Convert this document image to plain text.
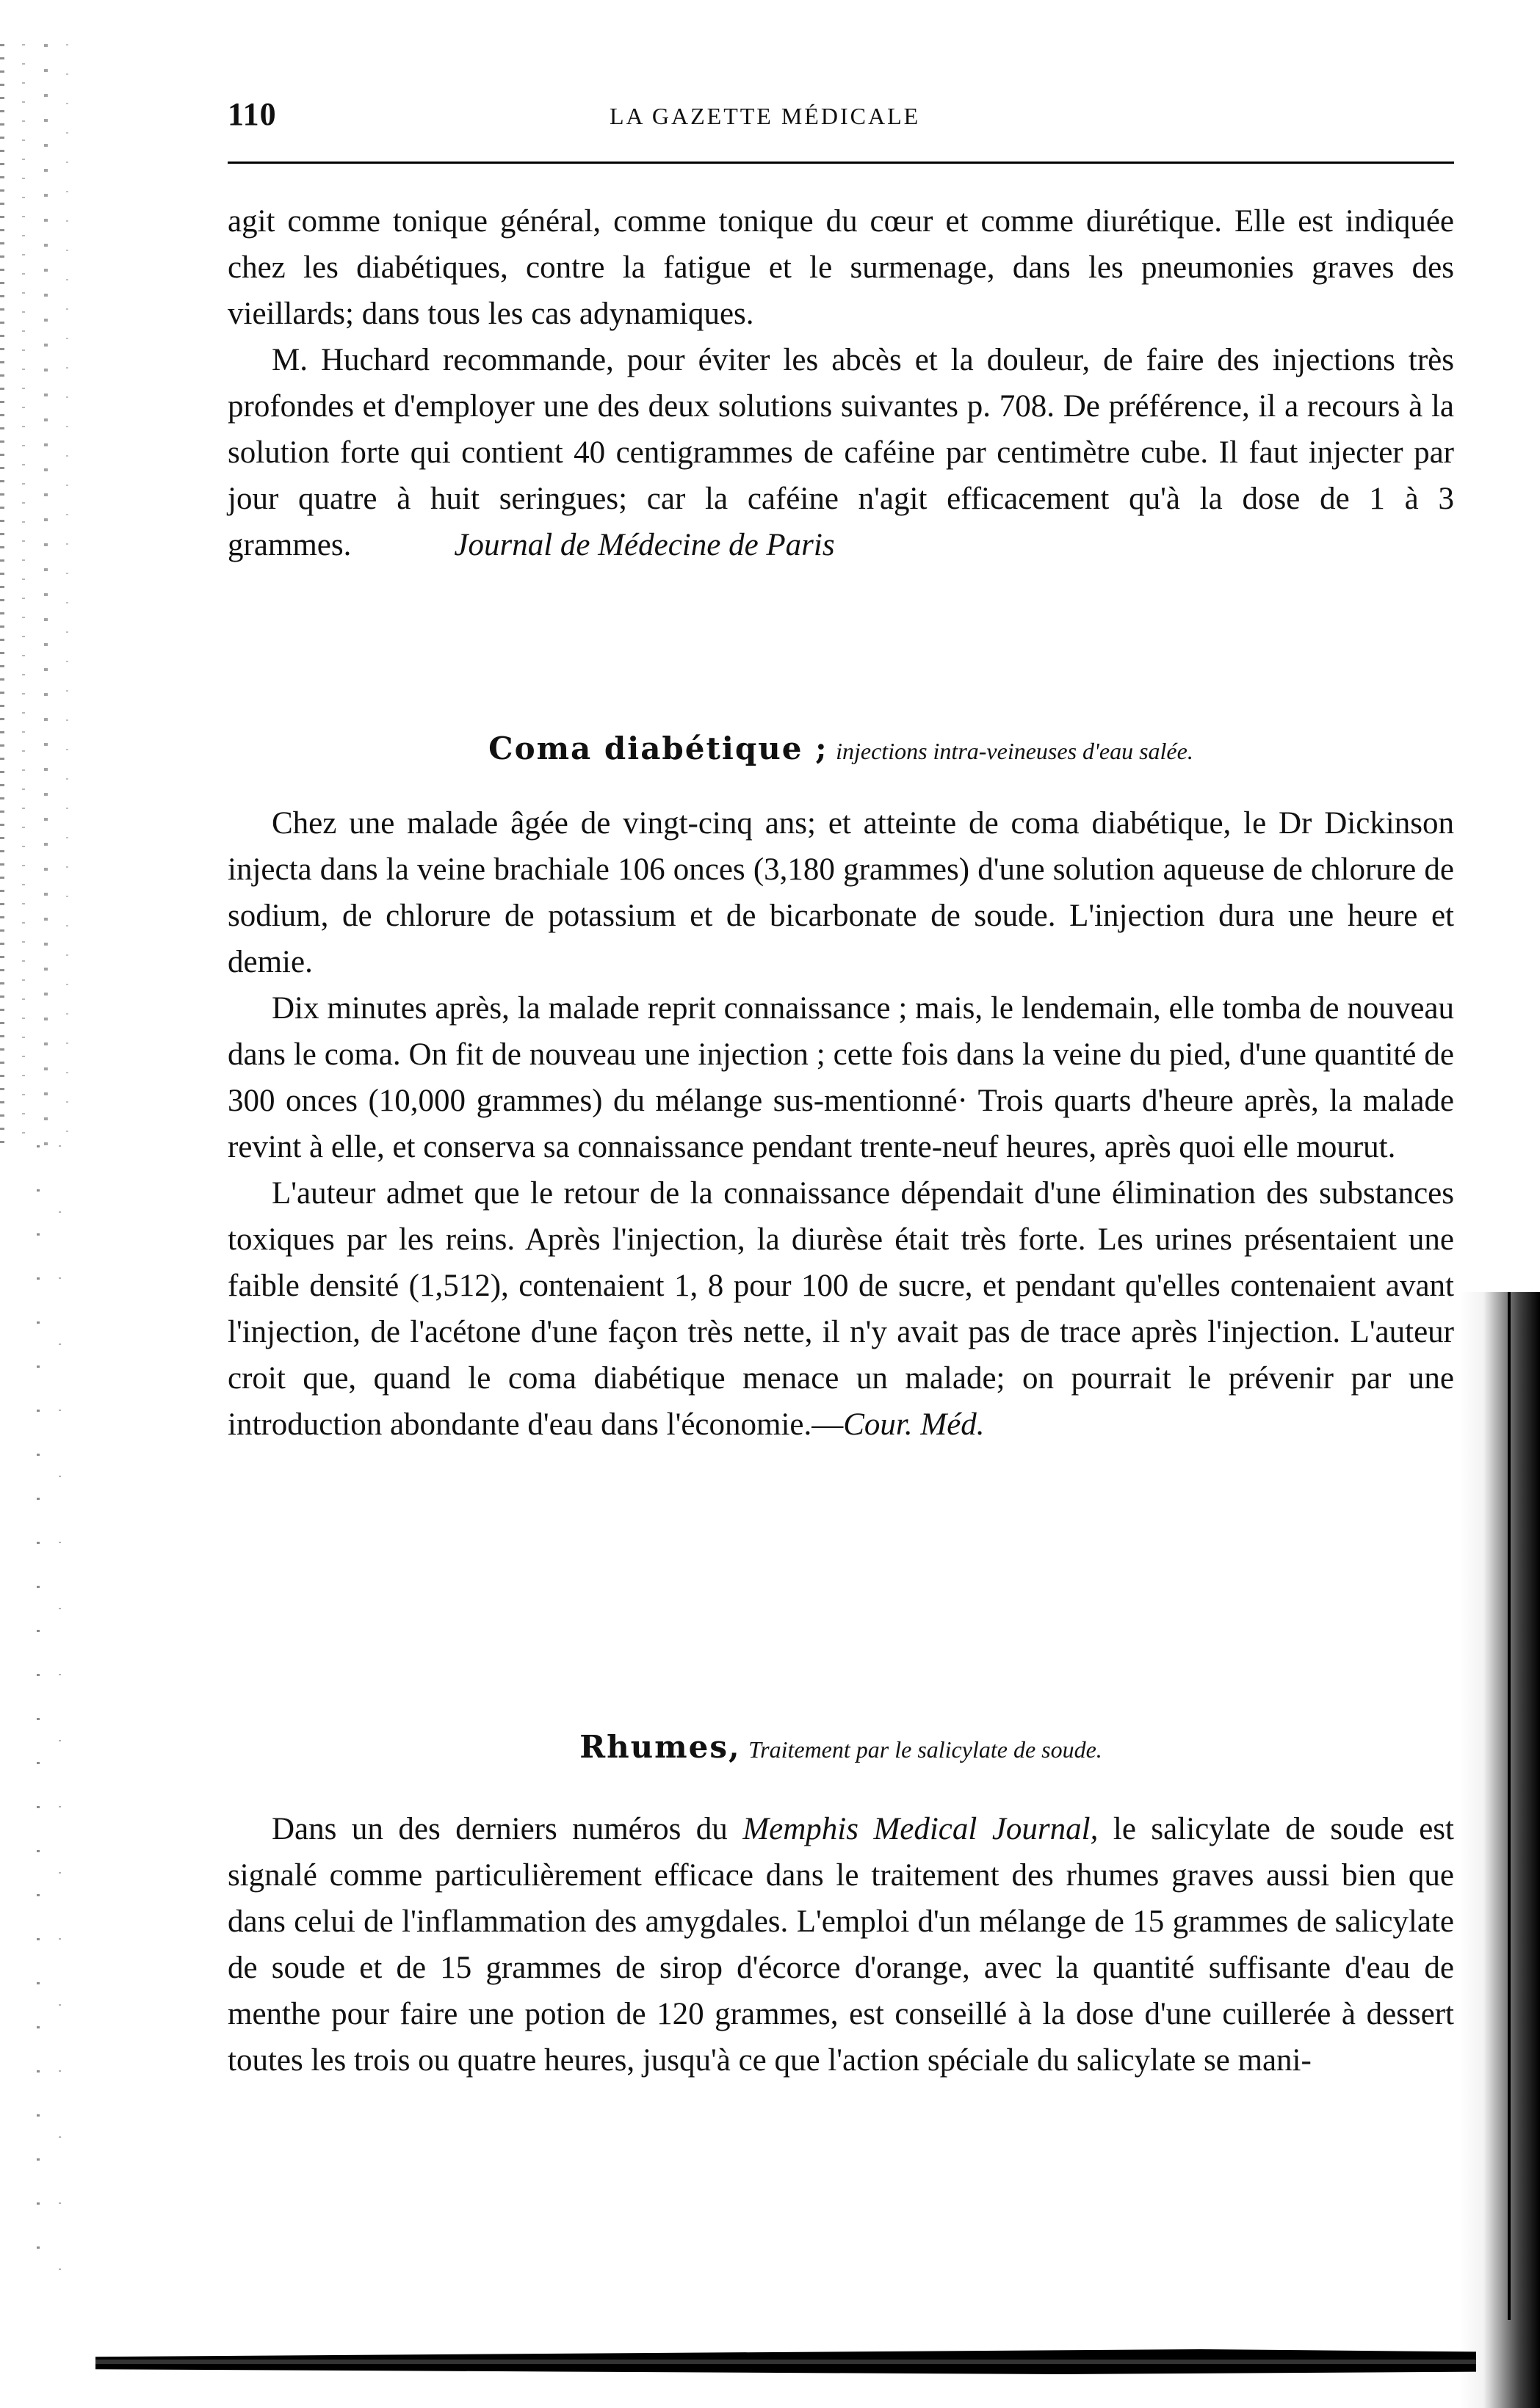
110	LA GAZETTE MÉDICALE

agit comme tonique général, comme tonique du cœur et comme diurétique. Elle est indiquée chez les diabétiques, contre la fatigue et le surmenage, dans les pneumonies graves des vieillards; dans tous les cas adynamiques.

M. Huchard recommande, pour éviter les abcès et la douleur, de faire des injections très profondes et d'employer une des deux solutions suivantes p. 708. De préférence, il a recours à la solution forte qui contient 40 centigrammes de caféine par centimètre cube. Il faut injecter par jour quatre à huit seringues; car la caféine n'agit efficacement qu'à la dose de 1 à 3 grammes.	Journal de Médecine de Paris

Coma diabétique ; injections intra-veineuses d'eau salée.

Chez une malade âgée de vingt-cinq ans; et atteinte de coma diabétique, le Dr Dickinson injecta dans la veine brachiale 106 onces (3,180 grammes) d'une solution aqueuse de chlorure de sodium, de chlorure de potassium et de bicarbonate de soude. L'injection dura une heure et demie.

Dix minutes après, la malade reprit connaissance ; mais, le lendemain, elle tomba de nouveau dans le coma. On fit de nouveau une injection ; cette fois dans la veine du pied, d'une quantité de 300 onces (10,000 grammes) du mélange sus-mentionné· Trois quarts d'heure après, la malade revint à elle, et conserva sa connaissance pendant trente-neuf heures, après quoi elle mourut.

L'auteur admet que le retour de la connaissance dépendait d'une élimination des substances toxiques par les reins. Après l'injection, la diurèse était très forte. Les urines présentaient une faible densité (1,512), contenaient 1, 8 pour 100 de sucre, et pendant qu'elles contenaient avant l'injection, de l'acétone d'une façon très nette, il n'y avait pas de trace après l'injection. L'auteur croit que, quand le coma diabétique menace un malade; on pourrait le prévenir par une introduction abondante d'eau dans l'économie.—Cour. Méd.

Rhumes, Traitement par le salicylate de soude.

Dans un des derniers numéros du Memphis Medical Journal, le salicylate de soude est signalé comme particulièrement efficace dans le traitement des rhumes graves aussi bien que dans celui de l'inflammation des amygdales. L'emploi d'un mélange de 15 grammes de salicylate de soude et de 15 grammes de sirop d'écorce d'orange, avec la quantité suffisante d'eau de menthe pour faire une potion de 120 grammes, est conseillé à la dose d'une cuillerée à dessert toutes les trois ou quatre heures, jusqu'à ce que l'action spéciale du salicylate se mani-
